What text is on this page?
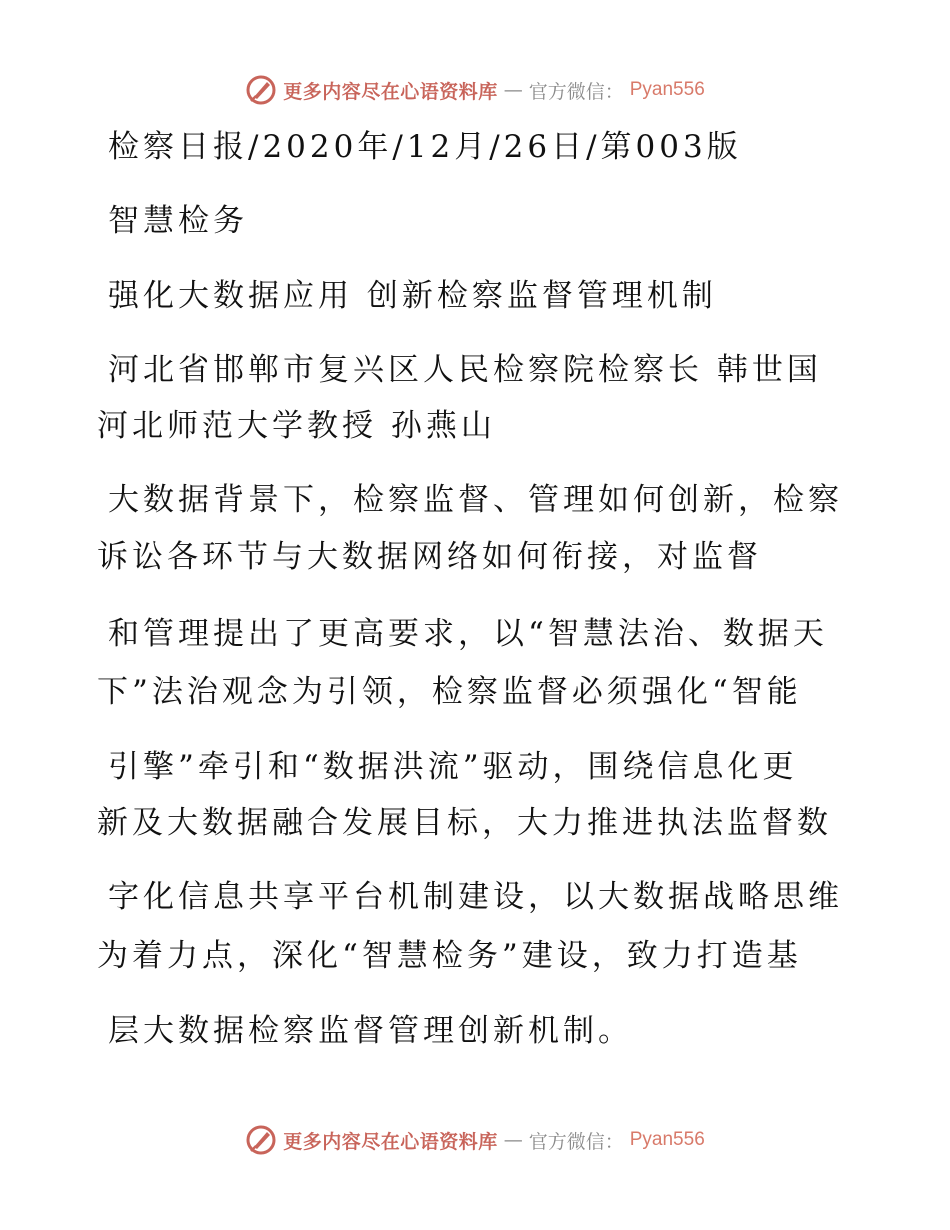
更多内容尽在心语资料库 — 官方微信： Pyan556
检察日报/2020年/12月/26日/第003版
智慧检务
强化大数据应用 创新检察监督管理机制
河北省邯郸市复兴区人民检察院检察长 韩世国
河北师范大学教授 孙燕山
大数据背景下，检察监督、管理如何创新，检察
诉讼各环节与大数据网络如何衔接，对监督
和管理提出了更高要求，以“智慧法治、数据天
下”法治观念为引领，检察监督必须强化“智能
引擎”牵引和“数据洪流”驱动，围绕信息化更
新及大数据融合发展目标，大力推进执法监督数
字化信息共享平台机制建设，以大数据战略思维
为着力点，深化“智慧检务”建设，致力打造基
层大数据检察监督管理创新机制。
更多内容尽在心语资料库 — 官方微信： Pyan556
